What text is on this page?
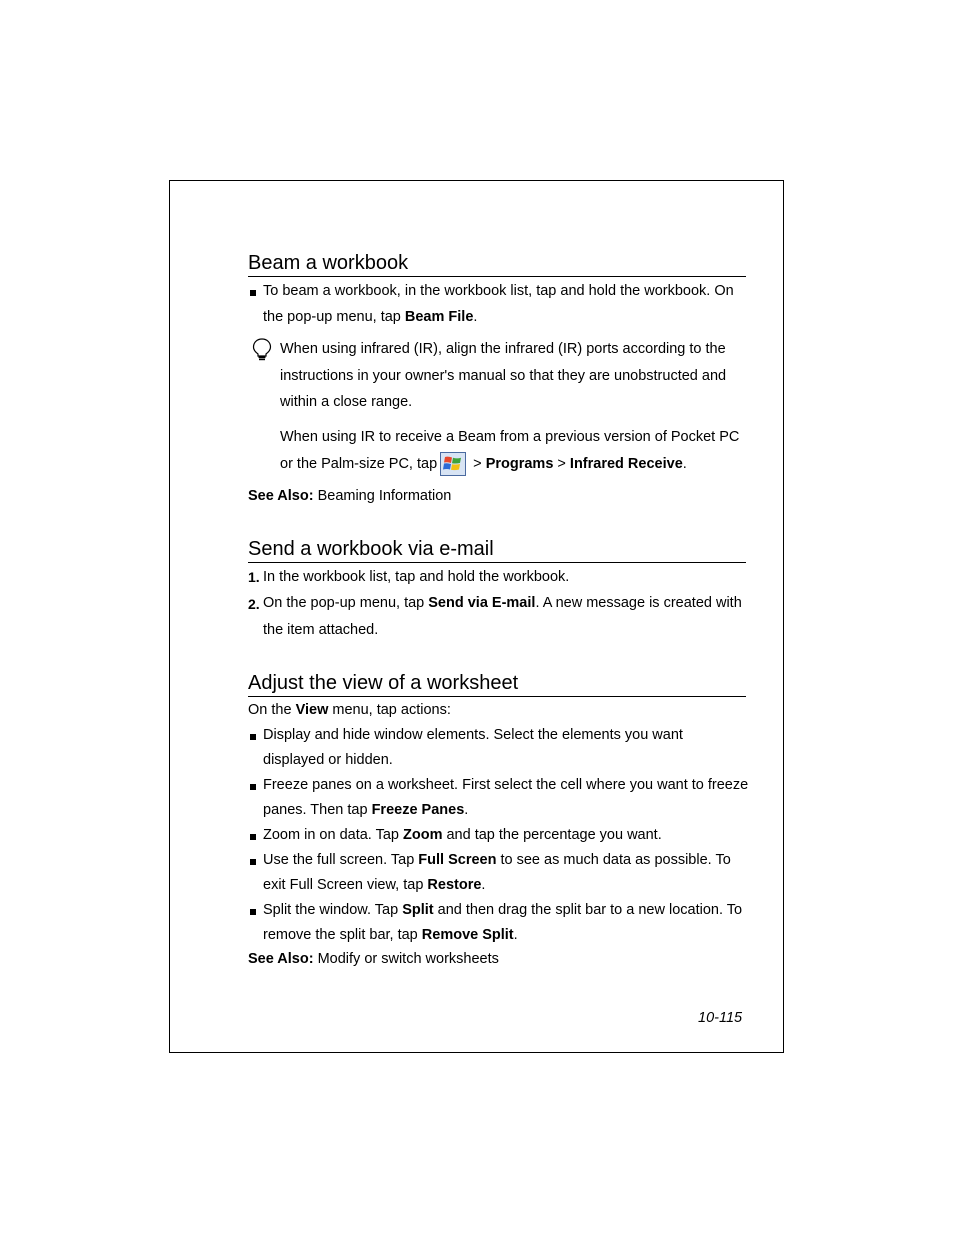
Beam a workbook
To beam a workbook, in the workbook list, tap and hold the workbook. On
the pop-up menu, tap Beam File.
When using infrared (IR), align the infrared (IR) ports according to the
instructions in your owner's manual so that they are unobstructed and
within a close range.
When using IR to receive a Beam from a previous version of Pocket PC
or the Palm-size PC, tap > Programs > Infrared Receive.
See Also: Beaming Information
Send a workbook via e-mail
1. In the workbook list, tap and hold the workbook.
2. On the pop-up menu, tap Send via E-mail. A new message is created with
the item attached.
Adjust the view of a worksheet
On the View menu, tap actions:
Display and hide window elements. Select the elements you want
displayed or hidden.
Freeze panes on a worksheet. First select the cell where you want to freeze
panes. Then tap Freeze Panes.
Zoom in on data. Tap Zoom and tap the percentage you want.
Use the full screen. Tap Full Screen to see as much data as possible. To
exit Full Screen view, tap Restore.
Split the window. Tap Split and then drag the split bar to a new location. To
remove the split bar, tap Remove Split.
See Also: Modify or switch worksheets
10-115
